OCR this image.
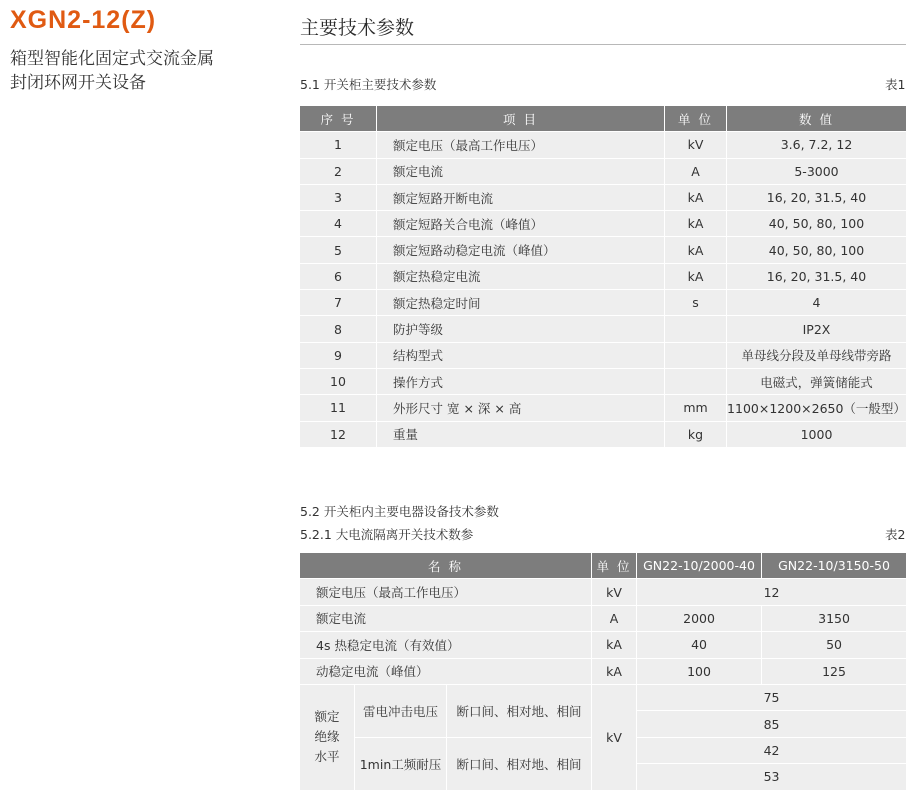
XGN2-12(Z)
箱型智能化固定式交流金属
封闭环网开关设备
主要技术参数
5.1 开关柜主要技术参数	表1
序 号	项 目	单 位	数 值
1	额定电压（最高工作电压）	kV	3.6, 7.2, 12
2	额定电流	A	5-3000
3	额定短路开断电流	kA	16, 20, 31.5, 40
4	额定短路关合电流（峰值）	kA	40, 50, 80, 100
5	额定短路动稳定电流（峰值）	kA	40, 50, 80, 100
6	额定热稳定电流	kA	16, 20, 31.5, 40
7	额定热稳定时间	s	4
8	防护等级		IP2X
9	结构型式		单母线分段及单母线带旁路
10	操作方式		电磁式，弹簧储能式
11	外形尺寸 宽 × 深 × 高	mm	1100×1200×2650（一般型）
12	重量	kg	1000
5.2 开关柜内主要电器设备技术参数
5.2.1 大电流隔离开关技术数参	表2
名 称			单 位	GN22-10/2000-40	GN22-10/3150-50
额定电压（最高工作电压）			kV	12	
额定电流			A	2000	3150
4s 热稳定电流（有效值）			kA	40	50
动稳定电流（峰值）			kA	100	125

额定
绝缘
水平	雷电冲击电压	断口间、相对地、相间	kV	75	
				85	
	1min工频耐压	断口间、相对地、相间		42	
				53	
